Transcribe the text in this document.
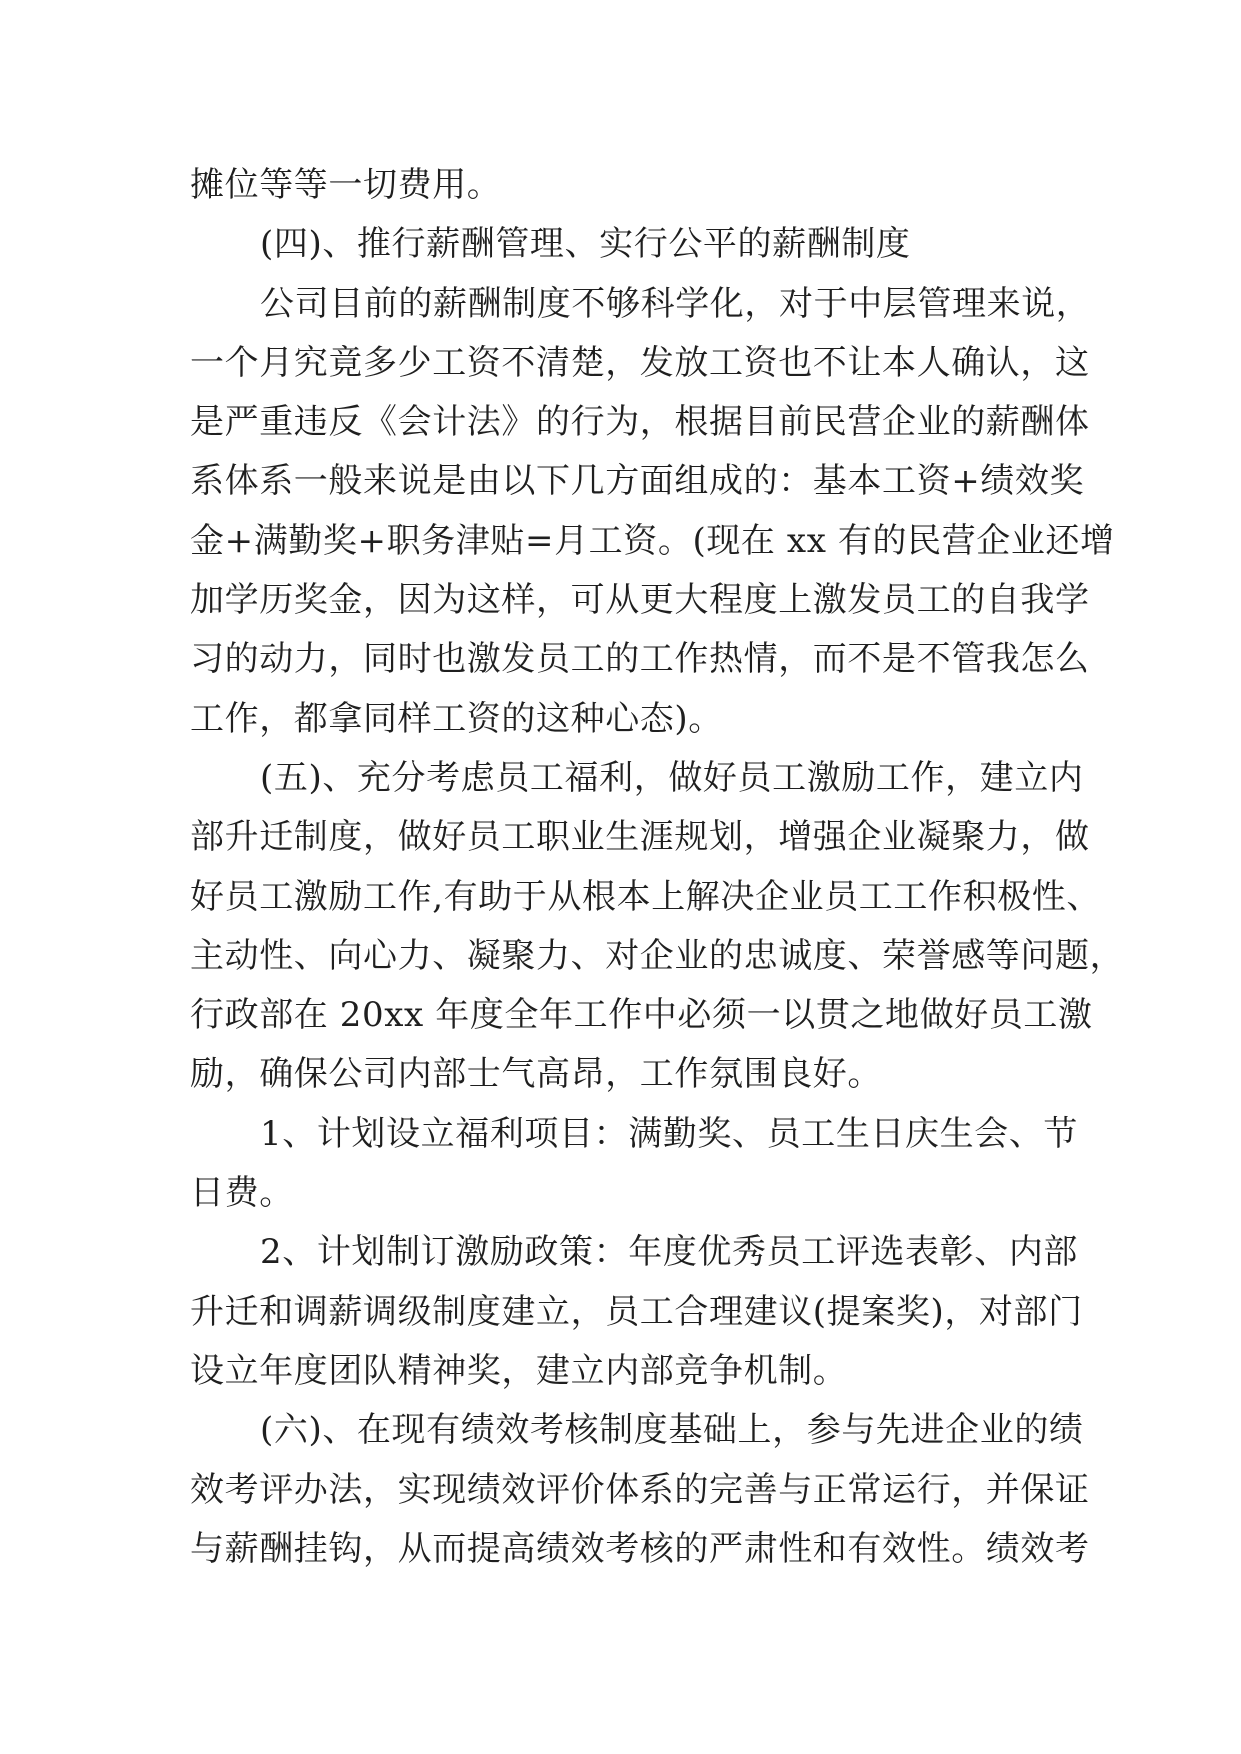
摊位等等一切费用。
(四)、推行薪酬管理、实行公平的薪酬制度
公司目前的薪酬制度不够科学化，对于中层管理来说，
一个月究竟多少工资不清楚，发放工资也不让本人确认，这
是严重违反《会计法》的行为，根据目前民营企业的薪酬体
系体系一般来说是由以下几方面组成的：基本工资+绩效奖
金+满勤奖+职务津贴=月工资。(现在 xx 有的民营企业还增
加学历奖金，因为这样，可从更大程度上激发员工的自我学
习的动力，同时也激发员工的工作热情，而不是不管我怎么
工作，都拿同样工资的这种心态)。
(五)、充分考虑员工福利，做好员工激励工作，建立内
部升迁制度，做好员工职业生涯规划，增强企业凝聚力，做
好员工激励工作,有助于从根本上解决企业员工工作积极性、
主动性、向心力、凝聚力、对企业的忠诚度、荣誉感等问题，
行政部在 20xx 年度全年工作中必须一以贯之地做好员工激
励，确保公司内部士气高昂，工作氛围良好。
1、计划设立福利项目：满勤奖、员工生日庆生会、节
日费。
2、计划制订激励政策：年度优秀员工评选表彰、内部
升迁和调薪调级制度建立，员工合理建议(提案奖)，对部门
设立年度团队精神奖，建立内部竞争机制。
(六)、在现有绩效考核制度基础上，参与先进企业的绩
效考评办法，实现绩效评价体系的完善与正常运行，并保证
与薪酬挂钩，从而提高绩效考核的严肃性和有效性。绩效考
